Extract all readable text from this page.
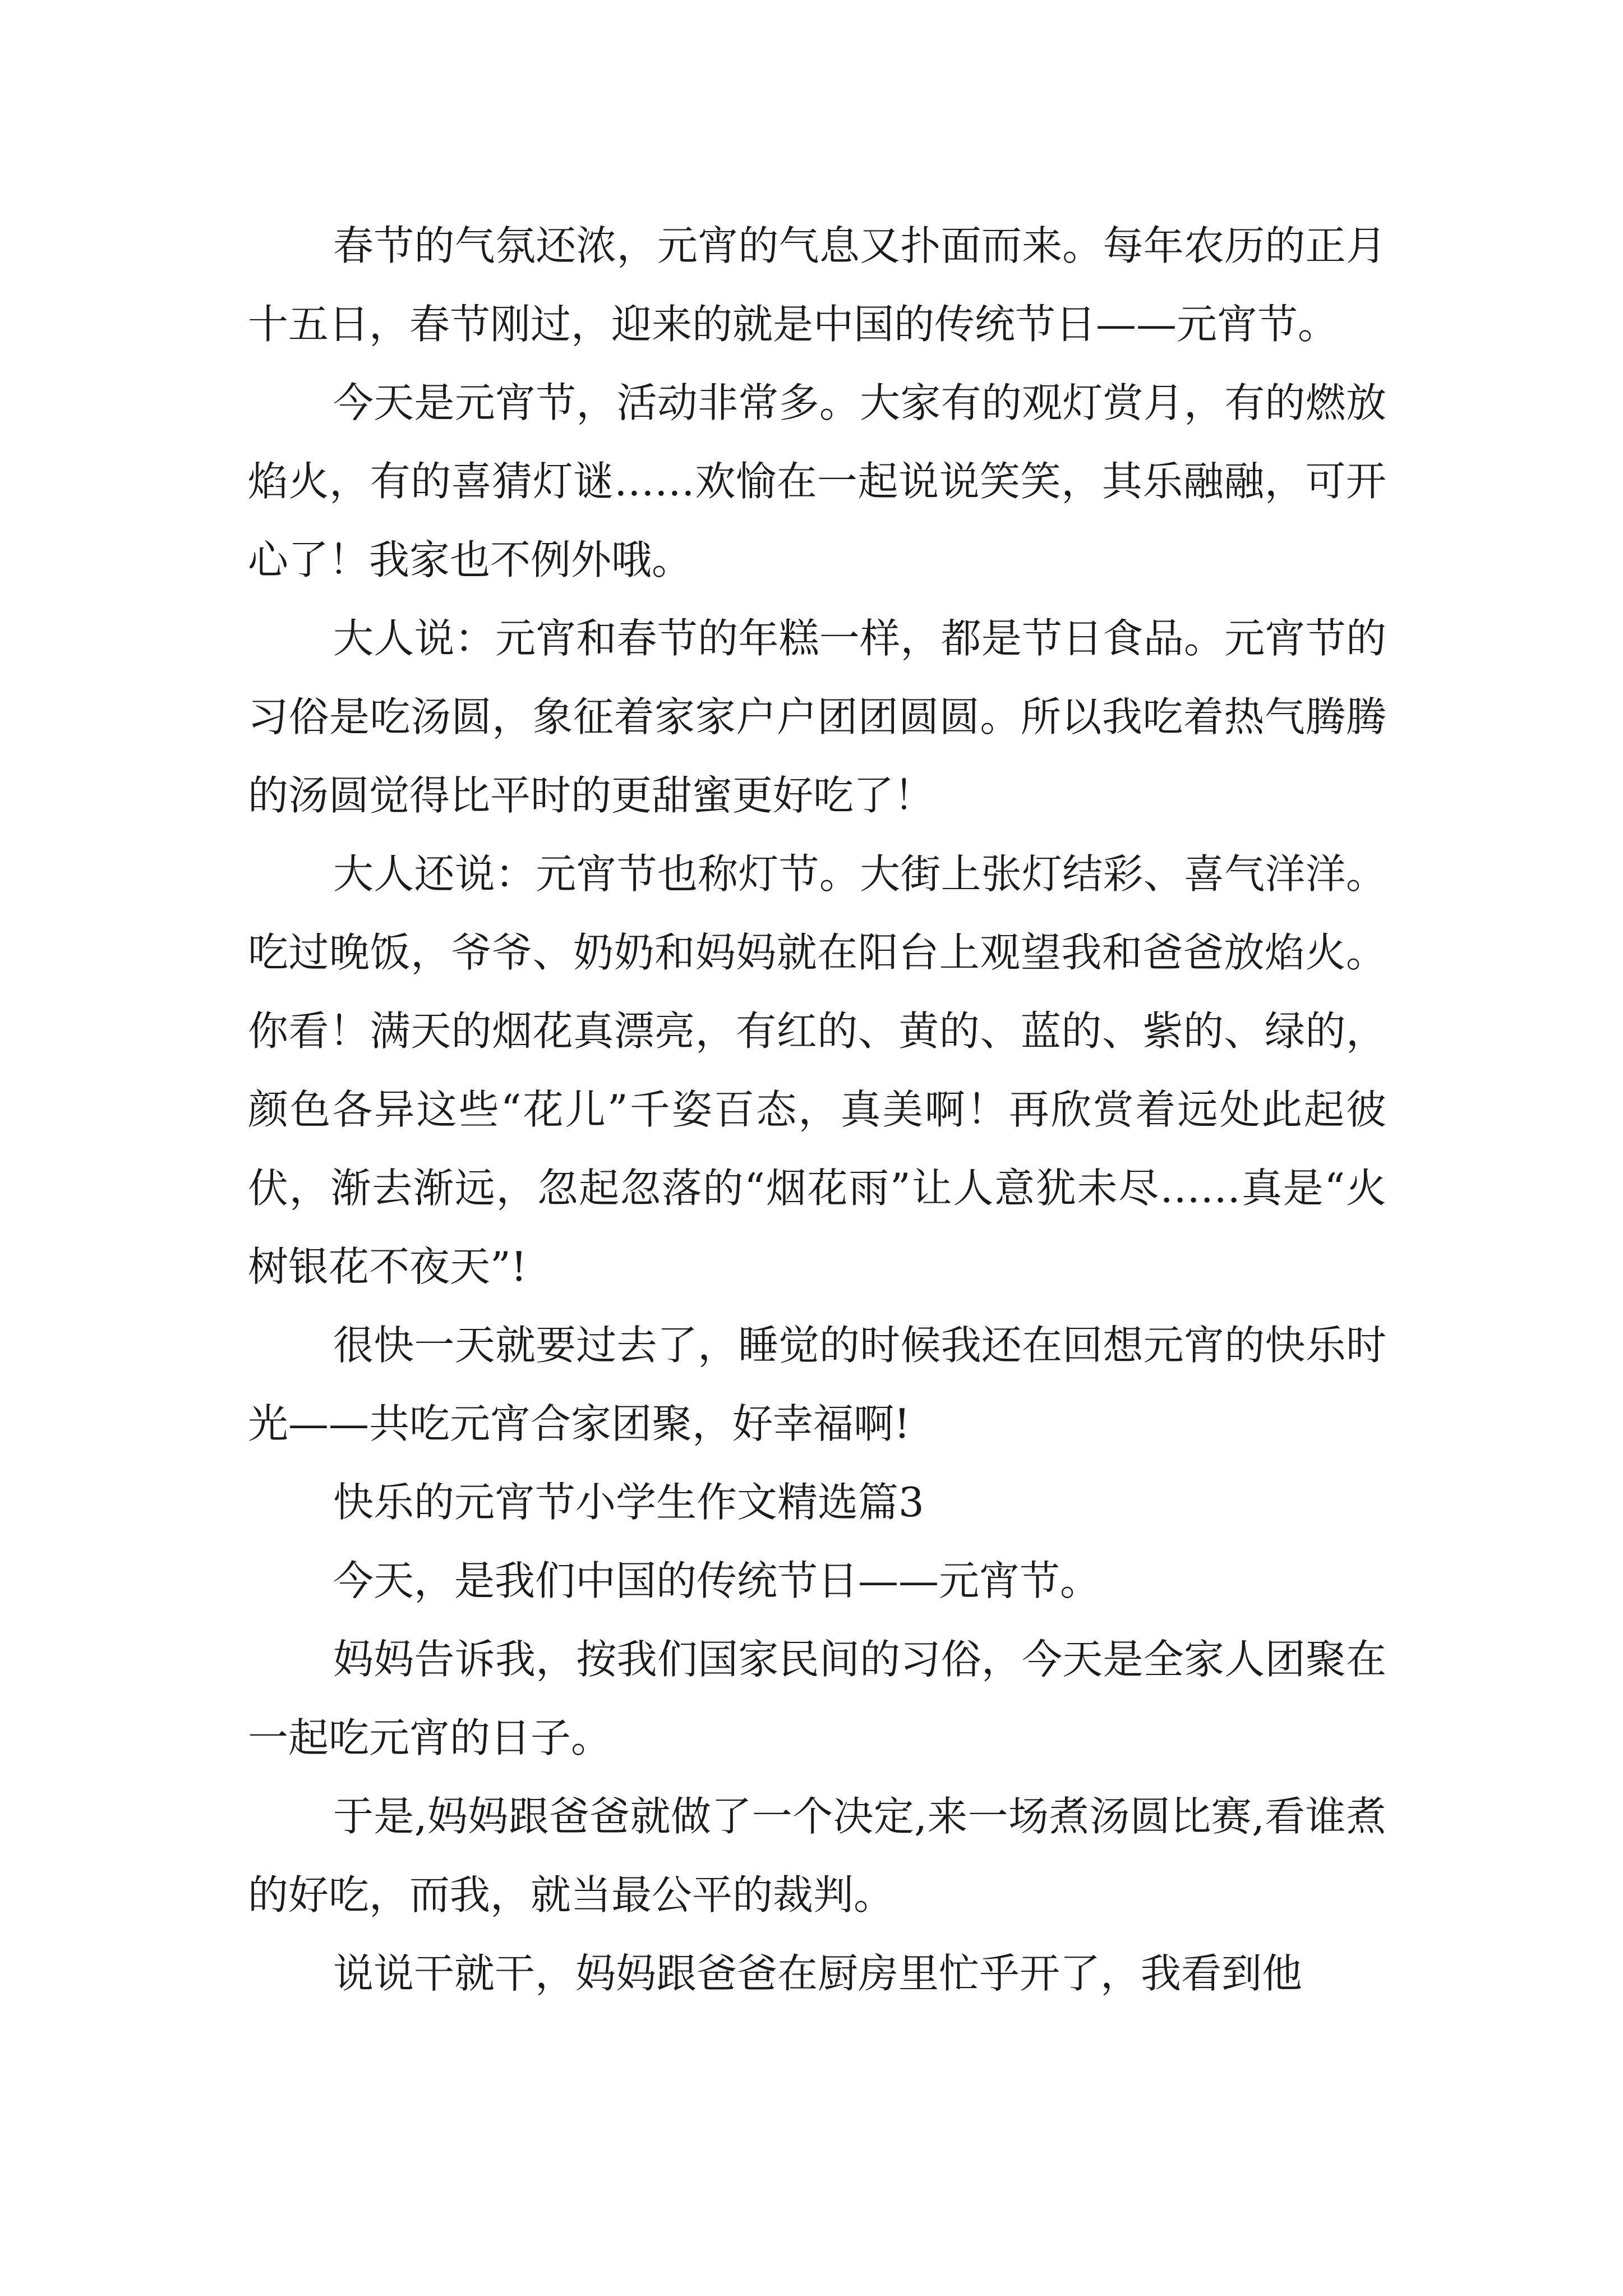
春节的气氛还浓，元宵的气息又扑面而来。每年农历的正月十五日，春节刚过，迎来的就是中国的传统节日——元宵节。

今天是元宵节，活动非常多。大家有的观灯赏月，有的燃放焰火，有的喜猜灯谜……欢愉在一起说说笑笑，其乐融融，可开心了！我家也不例外哦。

大人说：元宵和春节的年糕一样，都是节日食品。元宵节的习俗是吃汤圆，象征着家家户户团团圆圆。所以我吃着热气腾腾的汤圆觉得比平时的更甜蜜更好吃了！

大人还说：元宵节也称灯节。大街上张灯结彩、喜气洋洋。吃过晚饭，爷爷、奶奶和妈妈就在阳台上观望我和爸爸放焰火。你看！满天的烟花真漂亮，有红的、黄的、蓝的、紫的、绿的，颜色各异这些“花儿”千姿百态，真美啊！再欣赏着远处此起彼伏，渐去渐远，忽起忽落的“烟花雨”让人意犹未尽……真是“火树银花不夜天”!

很快一天就要过去了，睡觉的时候我还在回想元宵的快乐时光——共吃元宵合家团聚，好幸福啊!

快乐的元宵节小学生作文精选篇3

今天，是我们中国的传统节日——元宵节。

妈妈告诉我，按我们国家民间的习俗，今天是全家人团聚在一起吃元宵的日子。

于是,妈妈跟爸爸就做了一个决定,来一场煮汤圆比赛,看谁煮的好吃，而我，就当最公平的裁判。

说说干就干，妈妈跟爸爸在厨房里忙乎开了，我看到他
